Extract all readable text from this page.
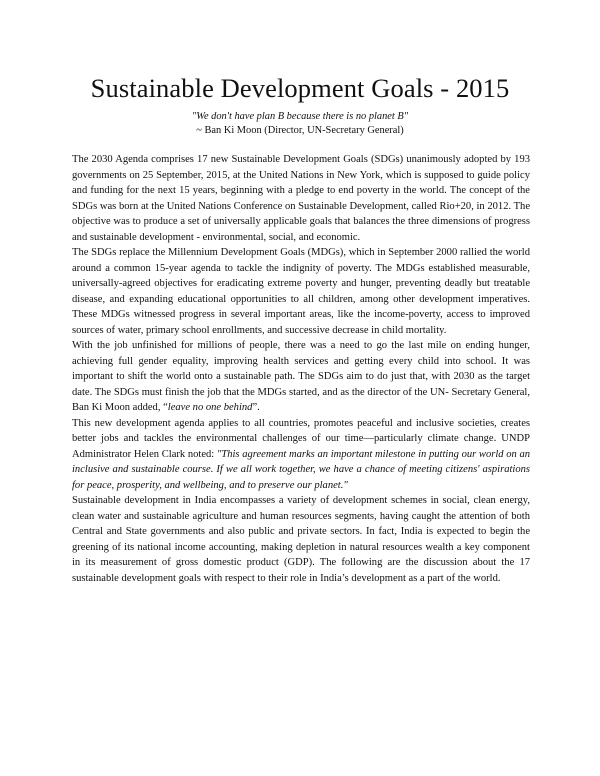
Sustainable Development Goals - 2015
"We don't have plan B because there is no planet B"
~ Ban Ki Moon (Director, UN-Secretary General)

The 2030 Agenda comprises 17 new Sustainable Development Goals (SDGs) unanimously adopted by 193 governments on 25 September, 2015, at the United Nations in New York, which is supposed to guide policy and funding for the next 15 years, beginning with a pledge to end poverty in the world. The concept of the SDGs was born at the United Nations Conference on Sustainable Development, called Rio+20, in 2012. The objective was to produce a set of universally applicable goals that balances the three dimensions of progress and sustainable development - environmental, social, and economic.

The SDGs replace the Millennium Development Goals (MDGs), which in September 2000 rallied the world around a common 15-year agenda to tackle the indignity of poverty. The MDGs established measurable, universally-agreed objectives for eradicating extreme poverty and hunger, preventing deadly but treatable disease, and expanding educational opportunities to all children, among other development imperatives. These MDGs witnessed progress in several important areas, like the income-poverty, access to improved sources of water, primary school enrollments, and successive decrease in child mortality.

With the job unfinished for millions of people, there was a need to go the last mile on ending hunger, achieving full gender equality, improving health services and getting every child into school. It was important to shift the world onto a sustainable path. The SDGs aim to do just that, with 2030 as the target date. The SDGs must finish the job that the MDGs started, and as the director of the UN- Secretary General, Ban Ki Moon added, “leave no one behind”.

This new development agenda applies to all countries, promotes peaceful and inclusive societies, creates better jobs and tackles the environmental challenges of our time—particularly climate change. UNDP Administrator Helen Clark noted: "This agreement marks an important milestone in putting our world on an inclusive and sustainable course. If we all work together, we have a chance of meeting citizens' aspirations for peace, prosperity, and wellbeing, and to preserve our planet."

Sustainable development in India encompasses a variety of development schemes in social, clean energy, clean water and sustainable agriculture and human resources segments, having caught the attention of both Central and State governments and also public and private sectors. In fact, India is expected to begin the greening of its national income accounting, making depletion in natural resources wealth a key component in its measurement of gross domestic product (GDP). The following are the discussion about the 17 sustainable development goals with respect to their role in India’s development as a part of the world.
